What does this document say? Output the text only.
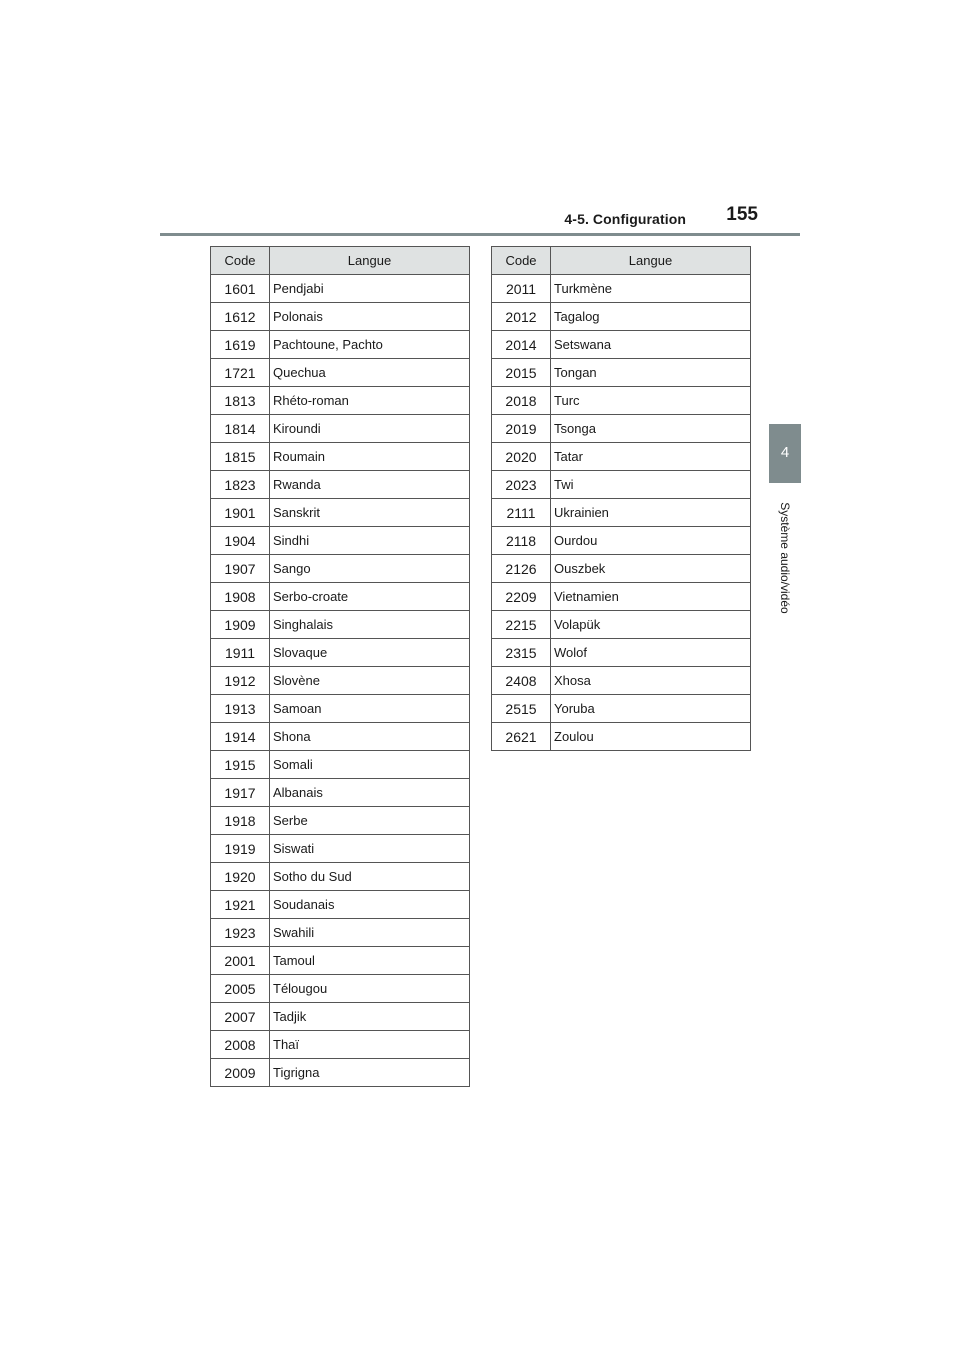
4-5. Configuration 155
4
Système audio/vidéo
Code	Langue
1601	Pendjabi
1612	Polonais
1619	Pachtoune, Pachto
1721	Quechua
1813	Rhéto-roman
1814	Kiroundi
1815	Roumain
1823	Rwanda
1901	Sanskrit
1904	Sindhi
1907	Sango
1908	Serbo-croate
1909	Singhalais
1911	Slovaque
1912	Slovène
1913	Samoan
1914	Shona
1915	Somali
1917	Albanais
1918	Serbe
1919	Siswati
1920	Sotho du Sud
1921	Soudanais
1923	Swahili
2001	Tamoul
2005	Télougou
2007	Tadjik
2008	Thaï
2009	Tigrigna
Code	Langue
2011	Turkmène
2012	Tagalog
2014	Setswana
2015	Tongan
2018	Turc
2019	Tsonga
2020	Tatar
2023	Twi
2111	Ukrainien
2118	Ourdou
2126	Ouszbek
2209	Vietnamien
2215	Volapük
2315	Wolof
2408	Xhosa
2515	Yoruba
2621	Zoulou
